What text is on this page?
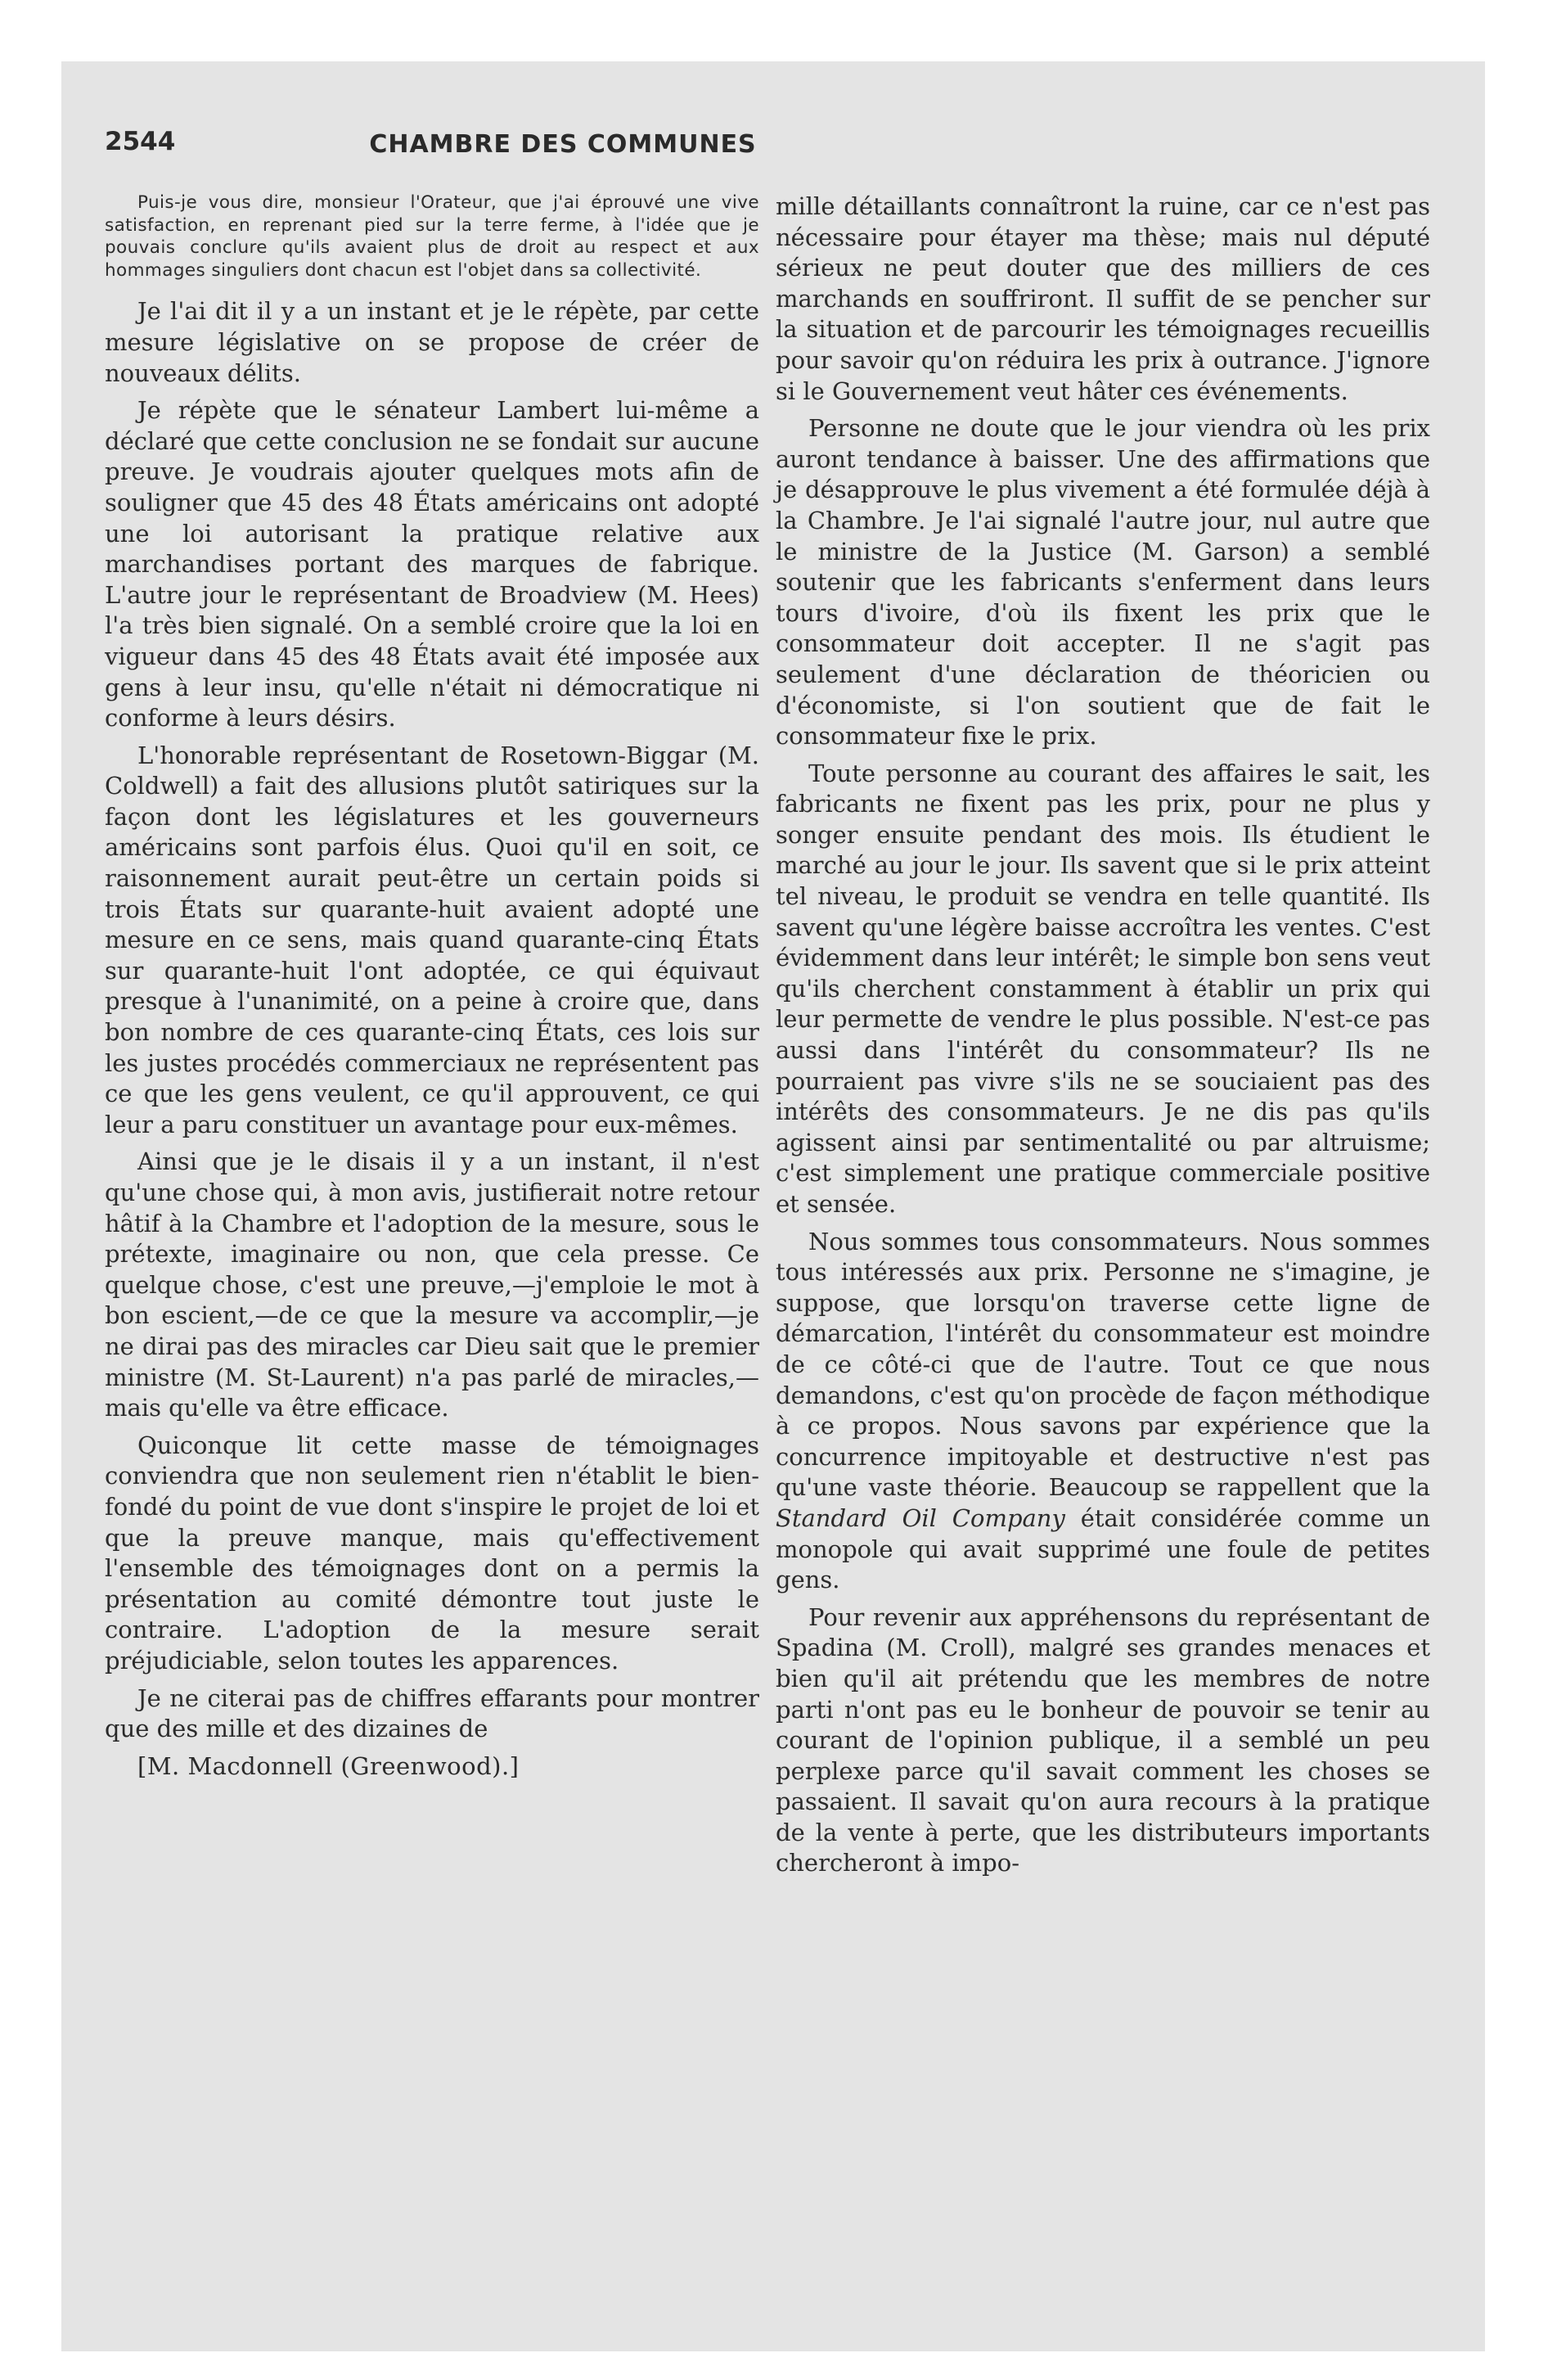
2544	CHAMBRE DES COMMUNES

Puis-je vous dire, monsieur l'Orateur, que j'ai éprouvé une vive satisfaction, en reprenant pied sur la terre ferme, à l'idée que je pouvais conclure qu'ils avaient plus de droit au respect et aux hommages singuliers dont chacun est l'objet dans sa collectivité.

Je l'ai dit il y a un instant et je le répète, par cette mesure législative on se propose de créer de nouveaux délits.

Je répète que le sénateur Lambert lui-même a déclaré que cette conclusion ne se fondait sur aucune preuve. Je voudrais ajouter quelques mots afin de souligner que 45 des 48 États américains ont adopté une loi autorisant la pratique relative aux marchandises portant des marques de fabrique. L'autre jour le représentant de Broadview (M. Hees) l'a très bien signalé. On a semblé croire que la loi en vigueur dans 45 des 48 États avait été imposée aux gens à leur insu, qu'elle n'était ni démocratique ni conforme à leurs désirs.

L'honorable représentant de Rosetown-Biggar (M. Coldwell) a fait des allusions plutôt satiriques sur la façon dont les législatures et les gouverneurs américains sont parfois élus. Quoi qu'il en soit, ce raisonnement aurait peut-être un certain poids si trois États sur quarante-huit avaient adopté une mesure en ce sens, mais quand quarante-cinq États sur quarante-huit l'ont adoptée, ce qui équivaut presque à l'unanimité, on a peine à croire que, dans bon nombre de ces quarante-cinq États, ces lois sur les justes procédés commerciaux ne représentent pas ce que les gens veulent, ce qu'il approuvent, ce qui leur a paru constituer un avantage pour eux-mêmes.

Ainsi que je le disais il y a un instant, il n'est qu'une chose qui, à mon avis, justifierait notre retour hâtif à la Chambre et l'adoption de la mesure, sous le prétexte, imaginaire ou non, que cela presse. Ce quelque chose, c'est une preuve,—j'emploie le mot à bon escient,—de ce que la mesure va accomplir,—je ne dirai pas des miracles car Dieu sait que le premier ministre (M. St-Laurent) n'a pas parlé de miracles,—mais qu'elle va être efficace.

Quiconque lit cette masse de témoignages conviendra que non seulement rien n'établit le bien-fondé du point de vue dont s'inspire le projet de loi et que la preuve manque, mais qu'effectivement l'ensemble des témoignages dont on a permis la présentation au comité démontre tout juste le contraire. L'adoption de la mesure serait préjudiciable, selon toutes les apparences.

Je ne citerai pas de chiffres effarants pour montrer que des mille et des dizaines de

[M. Macdonnell (Greenwood).]

mille détaillants connaîtront la ruine, car ce n'est pas nécessaire pour étayer ma thèse; mais nul député sérieux ne peut douter que des milliers de ces marchands en souffriront. Il suffit de se pencher sur la situation et de parcourir les témoignages recueillis pour savoir qu'on réduira les prix à outrance. J'ignore si le Gouvernement veut hâter ces événements.

Personne ne doute que le jour viendra où les prix auront tendance à baisser. Une des affirmations que je désapprouve le plus vivement a été formulée déjà à la Chambre. Je l'ai signalé l'autre jour, nul autre que le ministre de la Justice (M. Garson) a semblé soutenir que les fabricants s'enferment dans leurs tours d'ivoire, d'où ils fixent les prix que le consommateur doit accepter. Il ne s'agit pas seulement d'une déclaration de théoricien ou d'économiste, si l'on soutient que de fait le consommateur fixe le prix.

Toute personne au courant des affaires le sait, les fabricants ne fixent pas les prix, pour ne plus y songer ensuite pendant des mois. Ils étudient le marché au jour le jour. Ils savent que si le prix atteint tel niveau, le produit se vendra en telle quantité. Ils savent qu'une légère baisse accroîtra les ventes. C'est évidemment dans leur intérêt; le simple bon sens veut qu'ils cherchent constamment à établir un prix qui leur permette de vendre le plus possible. N'est-ce pas aussi dans l'intérêt du consommateur? Ils ne pourraient pas vivre s'ils ne se souciaient pas des intérêts des consommateurs. Je ne dis pas qu'ils agissent ainsi par sentimentalité ou par altruisme; c'est simplement une pratique commerciale positive et sensée.

Nous sommes tous consommateurs. Nous sommes tous intéressés aux prix. Personne ne s'imagine, je suppose, que lorsqu'on traverse cette ligne de démarcation, l'intérêt du consommateur est moindre de ce côté-ci que de l'autre. Tout ce que nous demandons, c'est qu'on procède de façon méthodique à ce propos. Nous savons par expérience que la concurrence impitoyable et destructive n'est pas qu'une vaste théorie. Beaucoup se rappellent que la Standard Oil Company était considérée comme un monopole qui avait supprimé une foule de petites gens.

Pour revenir aux appréhensons du représentant de Spadina (M. Croll), malgré ses grandes menaces et bien qu'il ait prétendu que les membres de notre parti n'ont pas eu le bonheur de pouvoir se tenir au courant de l'opinion publique, il a semblé un peu perplexe parce qu'il savait comment les choses se passaient. Il savait qu'on aura recours à la pratique de la vente à perte, que les distributeurs importants chercheront à impo-
